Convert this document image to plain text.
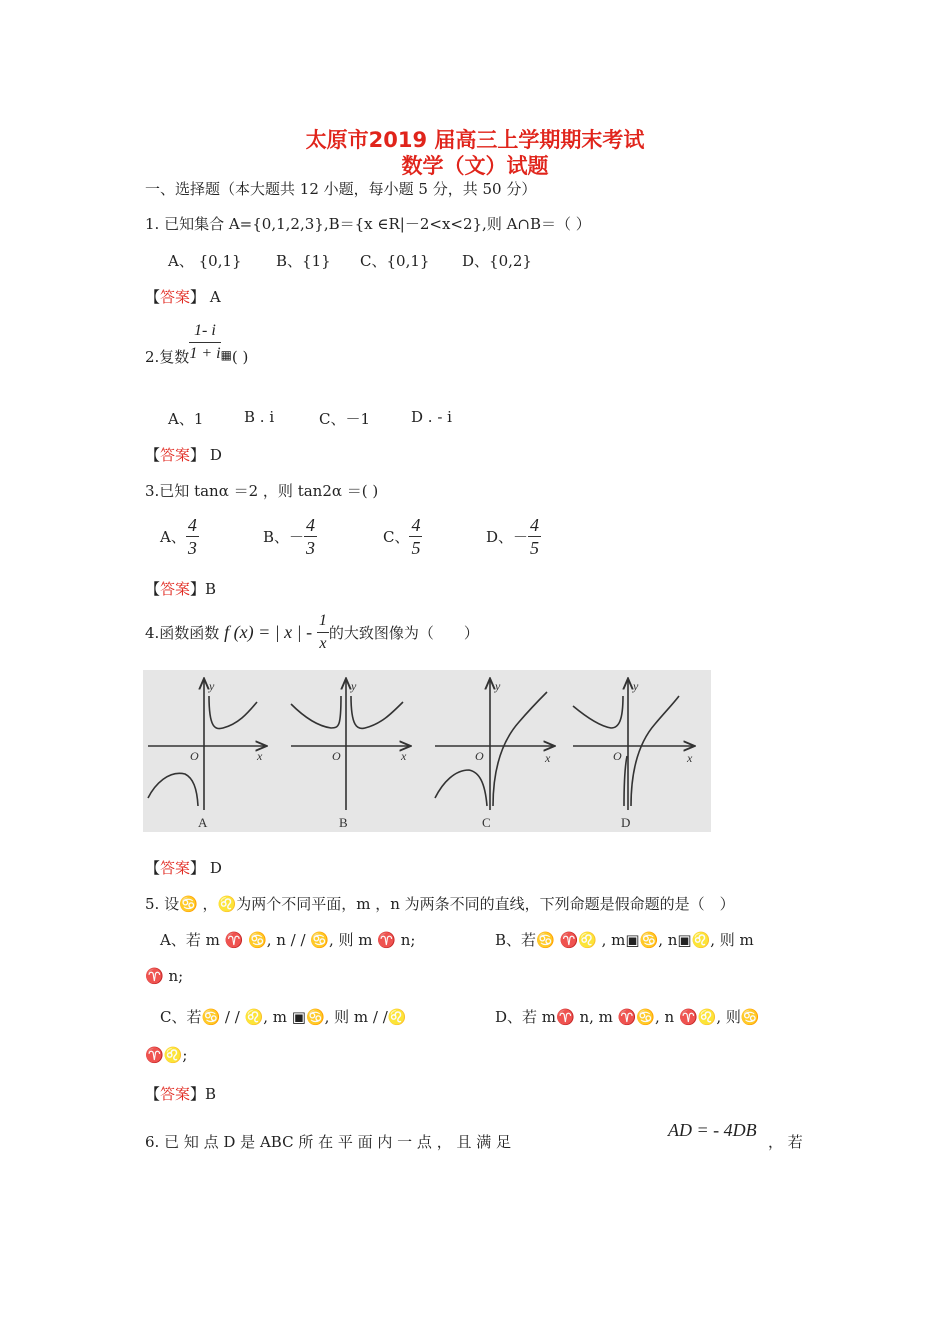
太原市2019 届高三上学期期末考试
数学（文）试题
一、选择题（本大题共 12 小题，每小题 5 分，共 50 分）
1. 已知集合 A={0,1,2,3},B＝{x ∈R|－2<x<2},则 A∩B＝（ ）
A、 {0,1} B、{1} C、{0,1} D、{0,2}
【答案】 A
2.复数 $\frac{1- i}{1 + i} _▦$( )
A、1	B . i	C、－1	D . - i
【答案】 D
3.已知 tanα ＝2 ，则 tan2α ＝( )
A、 $\frac{4}{3}$	B、－ $\frac{4}{3}$	C、 $\frac{4}{5}$	D、－ $\frac{4}{5}$
【答案】B
4.函数函数 f (x) = | x | - $\frac{1}{x}$ 的大致图像为（　　）
y
x
O
A
y
x
O
B
y
x
O
C
y
x
O
D
【答案】 D
5. 设♋ ，♌为两个不同平面，m ，n 为两条不同的直线，下列命题是假命题的是（　）
A、若 m ♈ ♋, n / / ♋, 则 m ♈ n;	B、若♋ ♈♌ , m▣♋, n▣♌, 则 m
♈ n;
C、若♋ / / ♌, m ▣♋, 则 m / /♌	D、若 m♈ n, m ♈♋, n ♈♌, 则♋
♈♌;
【答案】B
6. 已 知 点 D 是 ABC 所 在 平 面 内 一 点 ， 且 满 足
AD = - 4DB
， 若
